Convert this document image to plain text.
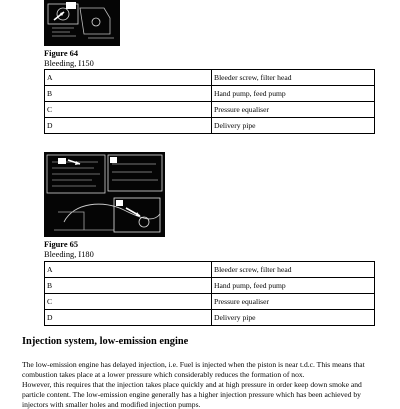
Figure 64
Bleeding, I150
A	Bleeder screw, filter head
B	Hand pump, feed pump
C	Pressure equaliser
D	Delivery pipe
Figure 65
Bleeding, I180
A	Bleeder screw, filter head
B	Hand pump, feed pump
C	Pressure equaliser
D	Delivery pipe
Injection system, low-emission engine

The low-emission engine has delayed injection, i.e. Fuel is injected when the piston is near t.d.c. This means that combustion takes place at a lower pressure which considerably reduces the formation of nox.

However, this requires that the injection takes place quickly and at high pressure in order keep down smoke and particle content. The low-emission engine generally has a higher injection pressure which has been achieved by injectors with smaller holes and modified injection pumps.
